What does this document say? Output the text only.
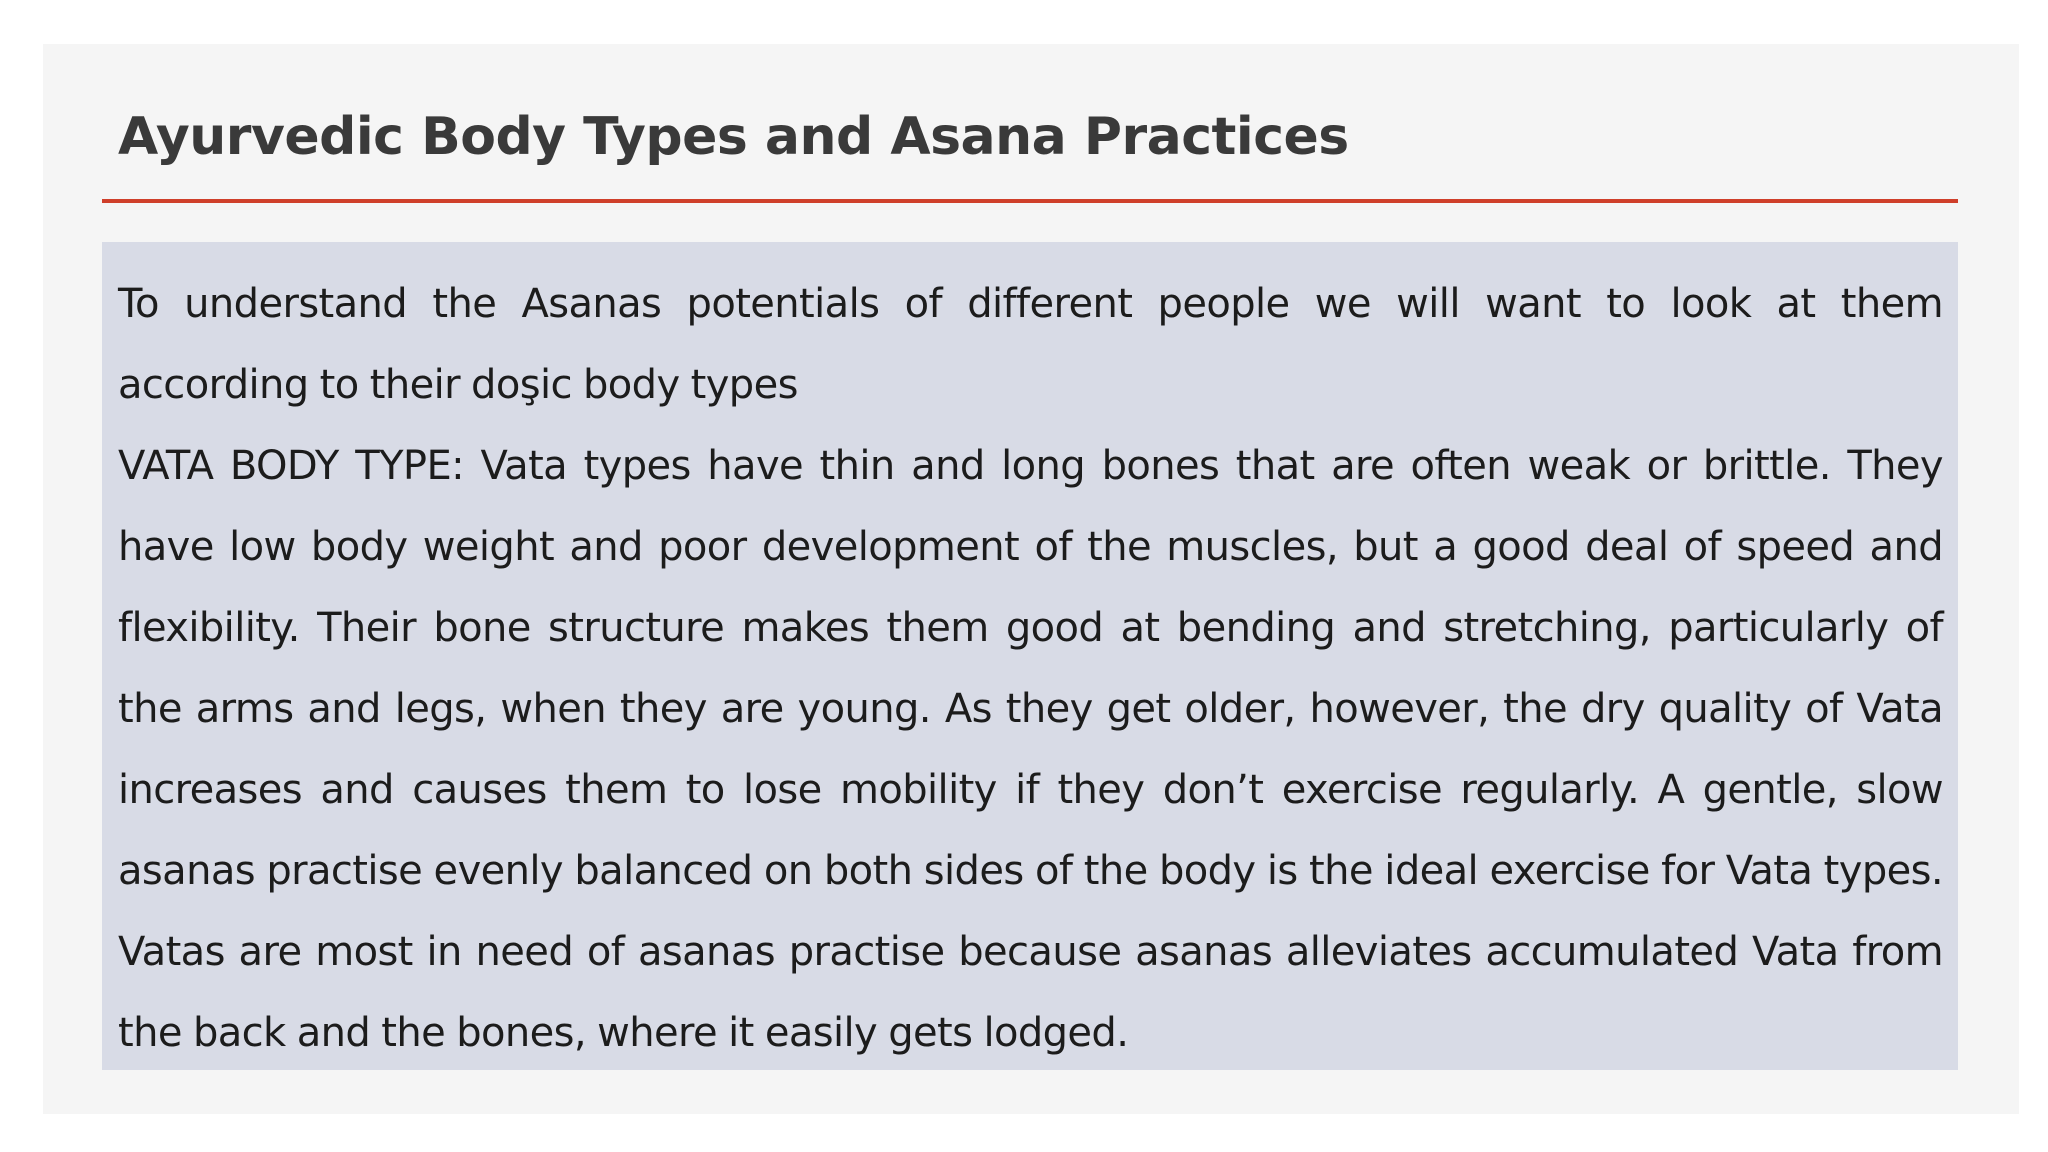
Ayurvedic Body Types and Asana Practices

To understand the Asanas potentials of different people we will want to look at them according to their doşic body types

VATA BODY TYPE: Vata types have thin and long bones that are often weak or brittle. They have low body weight and poor development of the muscles, but a good deal of speed and flexibility. Their bone structure makes them good at bending and stretching, particularly of the arms and legs, when they are young. As they get older, however, the dry quality of Vata increases and causes them to lose mobility if they don’t exercise regularly. A gentle, slow asanas practise evenly balanced on both sides of the body is the ideal exercise for Vata types. Vatas are most in need of asanas practise because asanas alleviates accumulated Vata from the back and the bones, where it easily gets lodged.
